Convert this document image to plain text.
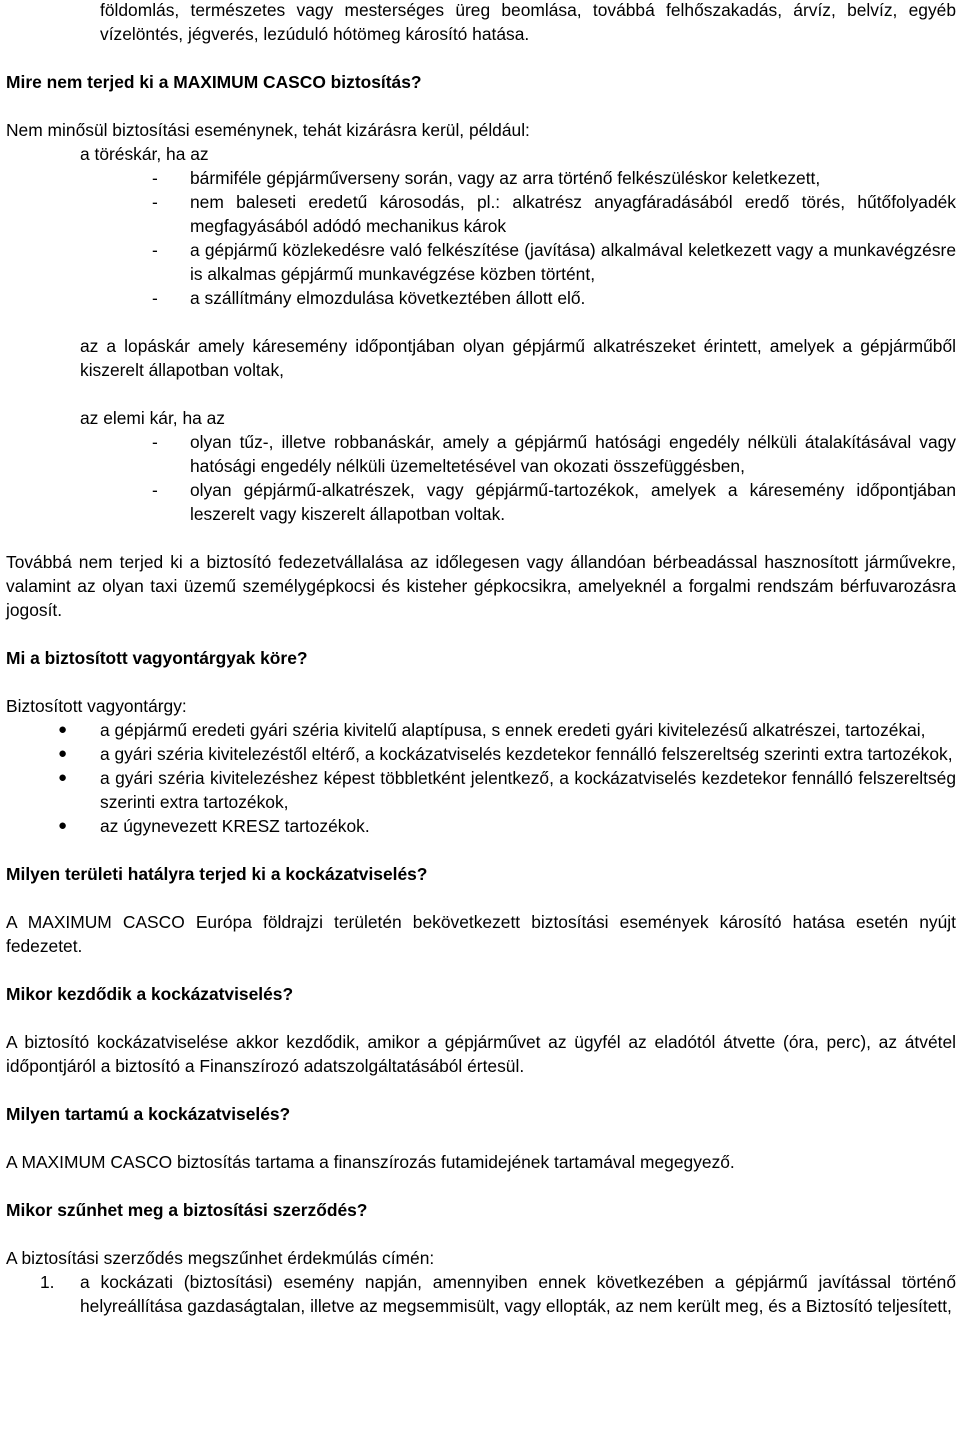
földomlás, természetes vagy mesterséges üreg beomlása, továbbá felhőszakadás, árvíz, belvíz, egyéb vízelöntés, jégverés, lezúduló hótömeg károsító hatása.

Mire nem terjed ki a MAXIMUM CASCO biztosítás?

Nem minősül biztosítási eseménynek, tehát kizárásra kerül, például:

a töréskár, ha az

- bármiféle gépjárműverseny során, vagy az arra történő felkészüléskor keletkezett,

- nem baleseti eredetű károsodás, pl.: alkatrész anyagfáradásából eredő törés, hűtőfolyadék megfagyásából adódó mechanikus károk

- a gépjármű közlekedésre való felkészítése (javítása) alkalmával keletkezett vagy a munkavégzésre is alkalmas gépjármű munkavégzése közben történt,

- a szállítmány elmozdulása következtében állott elő.

az a lopáskár amely káresemény időpontjában olyan gépjármű alkatrészeket érintett, amelyek a gépjárműből kiszerelt állapotban voltak,

az elemi kár, ha az

- olyan tűz-, illetve robbanáskár, amely a gépjármű hatósági engedély nélküli átalakításával vagy hatósági engedély nélküli üzemeltetésével van okozati összefüggésben,

- olyan gépjármű-alkatrészek, vagy gépjármű-tartozékok, amelyek a káresemény időpontjában leszerelt vagy kiszerelt állapotban voltak.

Továbbá nem terjed ki a biztosító fedezetvállalása az időlegesen vagy állandóan bérbeadással hasznosított járművekre, valamint az olyan taxi üzemű személygépkocsi és kisteher gépkocsikra, amelyeknél a forgalmi rendszám bérfuvarozásra jogosít.

Mi a biztosított vagyontárgyak köre?

Biztosított vagyontárgy:

● a gépjármű eredeti gyári széria kivitelű alaptípusa, s ennek eredeti gyári kivitelezésű alkatrészei, tartozékai,

● a gyári széria kivitelezéstől eltérő, a kockázatviselés kezdetekor fennálló felszereltség szerinti extra tartozékok,

● a gyári széria kivitelezéshez képest többletként jelentkező, a kockázatviselés kezdetekor fennálló felszereltség szerinti extra tartozékok,

● az úgynevezett KRESZ tartozékok.

Milyen területi hatályra terjed ki a kockázatviselés?

A MAXIMUM CASCO Európa földrajzi területén bekövetkezett biztosítási események károsító hatása esetén nyújt fedezetet.

Mikor kezdődik a kockázatviselés?

A biztosító kockázatviselése akkor kezdődik, amikor a gépjárművet az ügyfél az eladótól átvette (óra, perc), az átvétel időpontjáról a biztosító a Finanszírozó adatszolgáltatásából értesül.

Milyen tartamú a kockázatviselés?

A MAXIMUM CASCO biztosítás tartama a finanszírozás futamidejének tartamával megegyező.

Mikor szűnhet meg a biztosítási szerződés?

A biztosítási szerződés megszűnhet érdekmúlás címén:

1. a kockázati (biztosítási) esemény napján, amennyiben ennek következében a gépjármű javítással történő helyreállítása gazdaságtalan, illetve az megsemmisült, vagy ellopták, az nem került meg, és a Biztosító teljesített,
